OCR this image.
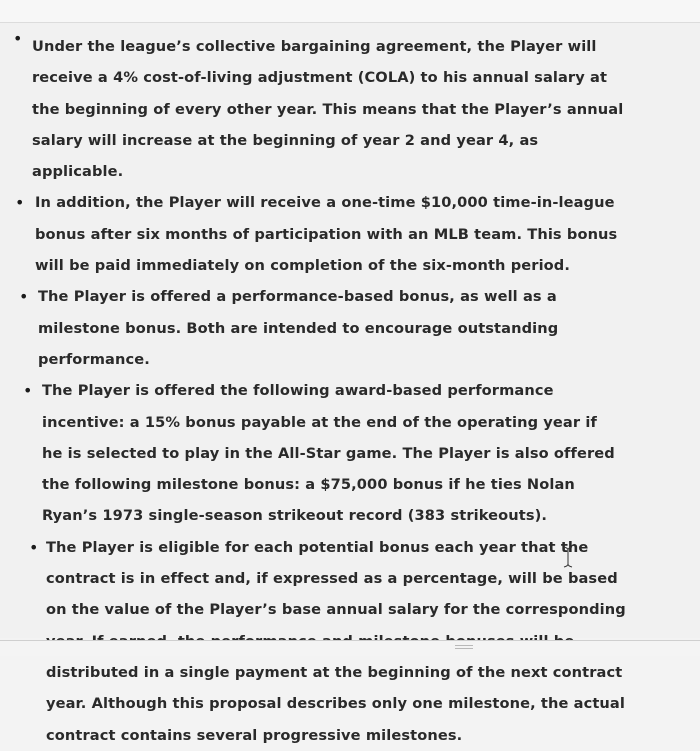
• Under the league’s collective bargaining agreement, the Player will receive a 4% cost-of-living adjustment (COLA) to his annual salary at the beginning of every other year. This means that the Player’s annual salary will increase at the beginning of year 2 and year 4, as applicable.

• In addition, the Player will receive a one-time $10,000 time-in-league bonus after six months of participation with an MLB team. This bonus will be paid immediately on completion of the six-month period.

• The Player is offered a performance-based bonus, as well as a milestone bonus. Both are intended to encourage outstanding performance.

• The Player is offered the following award-based performance incentive: a 15% bonus payable at the end of the operating year if he is selected to play in the All-Star game. The Player is also offered the following milestone bonus: a $75,000 bonus if he ties Nolan Ryan’s 1973 single-season strikeout record (383 strikeouts).

• The Player is eligible for each potential bonus each year that the contract is in effect and, if expressed as a percentage, will be based on the value of the Player’s base annual salary for the corresponding distributed in a single payment at the beginning of the next contract year. Although this proposal describes only one milestone, the actual contract contains several progressive milestones.
